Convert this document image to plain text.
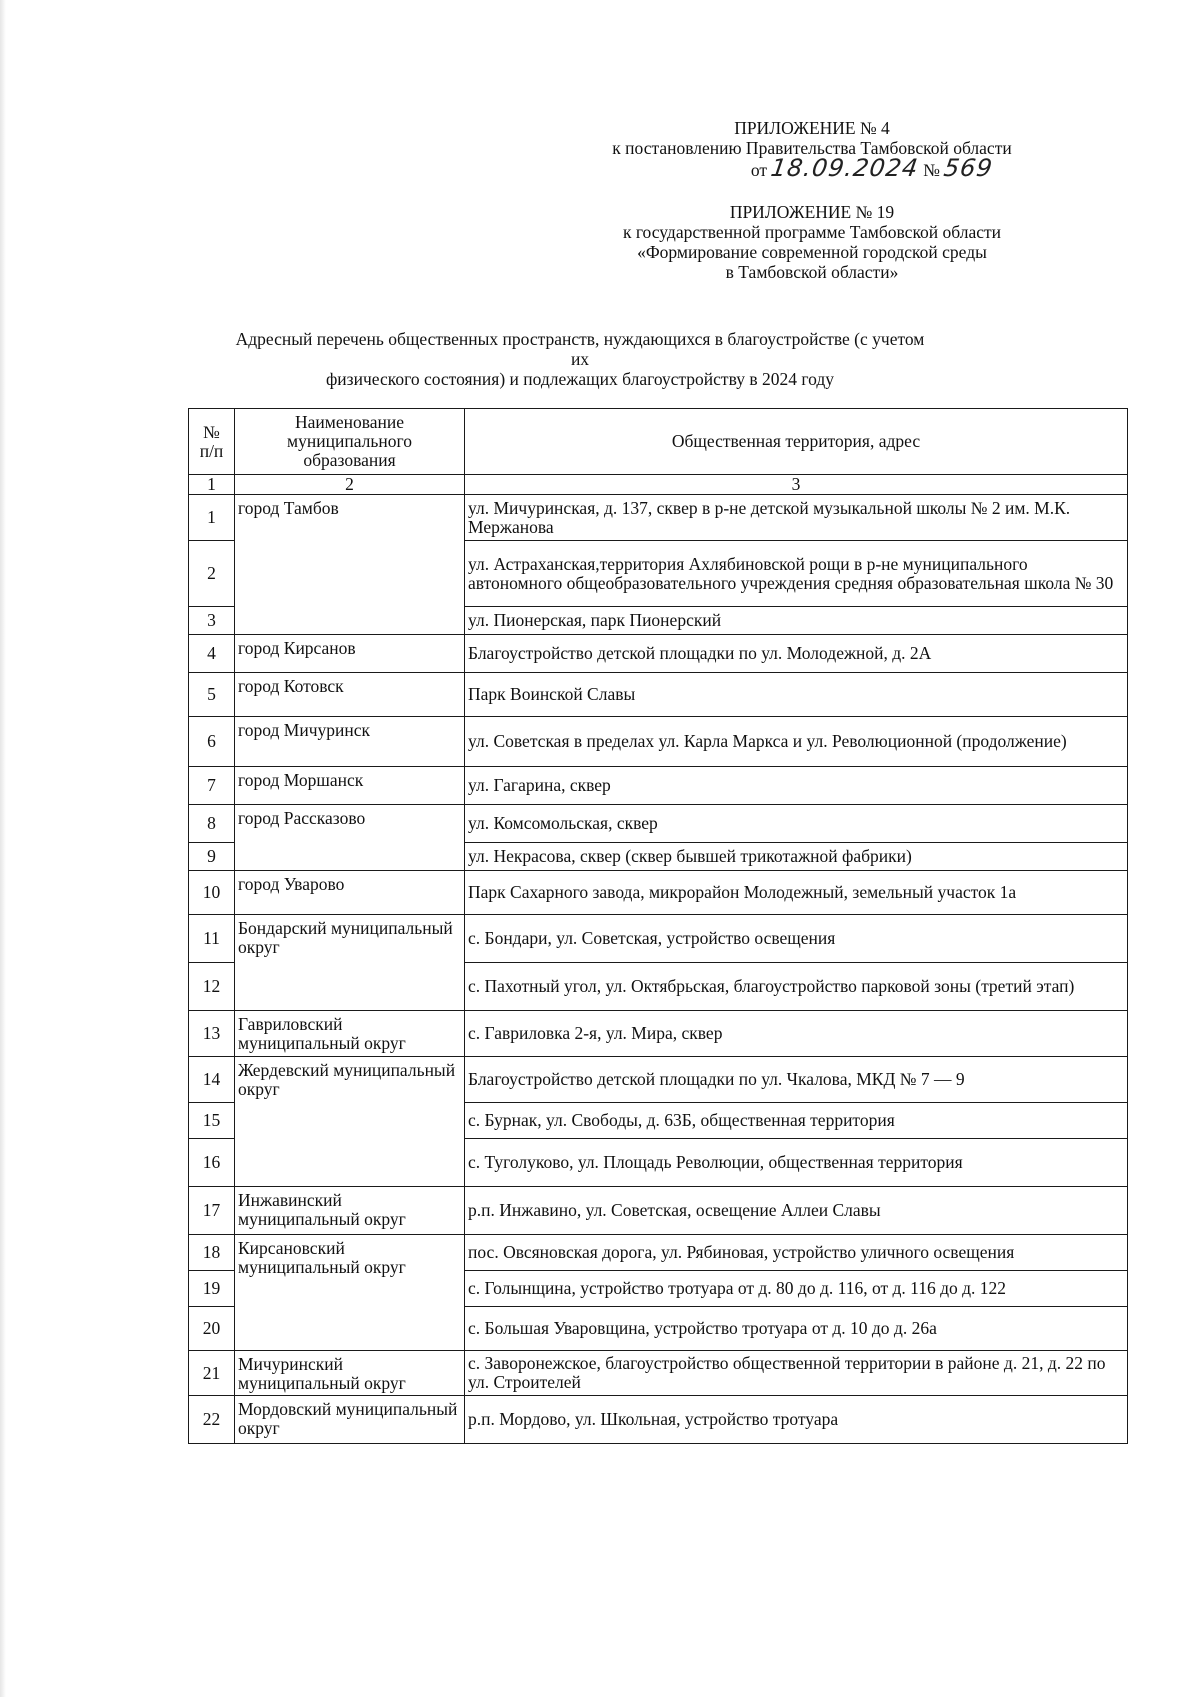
ПРИЛОЖЕНИЕ № 4
к постановлению Правительства Тамбовской области
от 18.09.2024 № 569
ПРИЛОЖЕНИЕ № 19
к государственной программе Тамбовской области
«Формирование современной городской среды
в Тамбовской области»
Адресный перечень общественных пространств, нуждающихся в благоустройстве (с учетом их
физического состояния) и подлежащих благоустройству в 2024 году
№ п/п	Наименование муниципального образования	Общественная территория, адрес
1	2	3
1	город Тамбов	ул. Мичуринская, д. 137, сквер в р-не детской музыкальной школы № 2 им. М.К. Мержанова
2		ул. Астраханская,территория Ахлябиновской рощи в р-не муниципального автономного общеобразовательного учреждения средняя образовательная школа № 30
3		ул. Пионерская, парк Пионерский
4	город Кирсанов	Благоустройство детской площадки по ул. Молодежной, д. 2А
5	город Котовск	Парк Воинской Славы
6	город Мичуринск	ул. Советская в пределах ул. Карла Маркса и ул. Революционной (продолжение)
7	город Моршанск	ул. Гагарина, сквер
8	город Рассказово	ул. Комсомольская, сквер
9		ул. Некрасова, сквер (сквер бывшей трикотажной фабрики)
10	город Уварово	Парк Сахарного завода, микрорайон Молодежный, земельный участок 1а
11	Бондарский муниципальный округ	с. Бондари, ул. Советская, устройство освещения
12		с. Пахотный угол, ул. Октябрьская, благоустройство парковой зоны (третий этап)
13	Гавриловский муниципальный округ	с. Гавриловка 2-я, ул. Мира, сквер
14	Жердевский муниципальный округ	Благоустройство детской площадки по ул. Чкалова, МКД № 7 — 9
15		с. Бурнак, ул. Свободы, д. 63Б, общественная территория
16		с. Туголуково, ул. Площадь Революции, общественная территория
17	Инжавинский муниципальный округ	р.п. Инжавино, ул. Советская, освещение Аллеи Славы
18	Кирсановский муниципальный округ	пос. Овсяновская дорога, ул. Рябиновая, устройство уличного освещения
19		с. Голынщина, устройство тротуара от д. 80 до д. 116, от д. 116 до д. 122
20		с. Большая Уваровщина, устройство тротуара от д. 10 до д. 26а
21	Мичуринский муниципальный округ	с. Заворонежское, благоустройство общественной территории в районе д. 21, д. 22 по ул. Строителей
22	Мордовский муниципальный округ	р.п. Мордово, ул. Школьная, устройство тротуара
